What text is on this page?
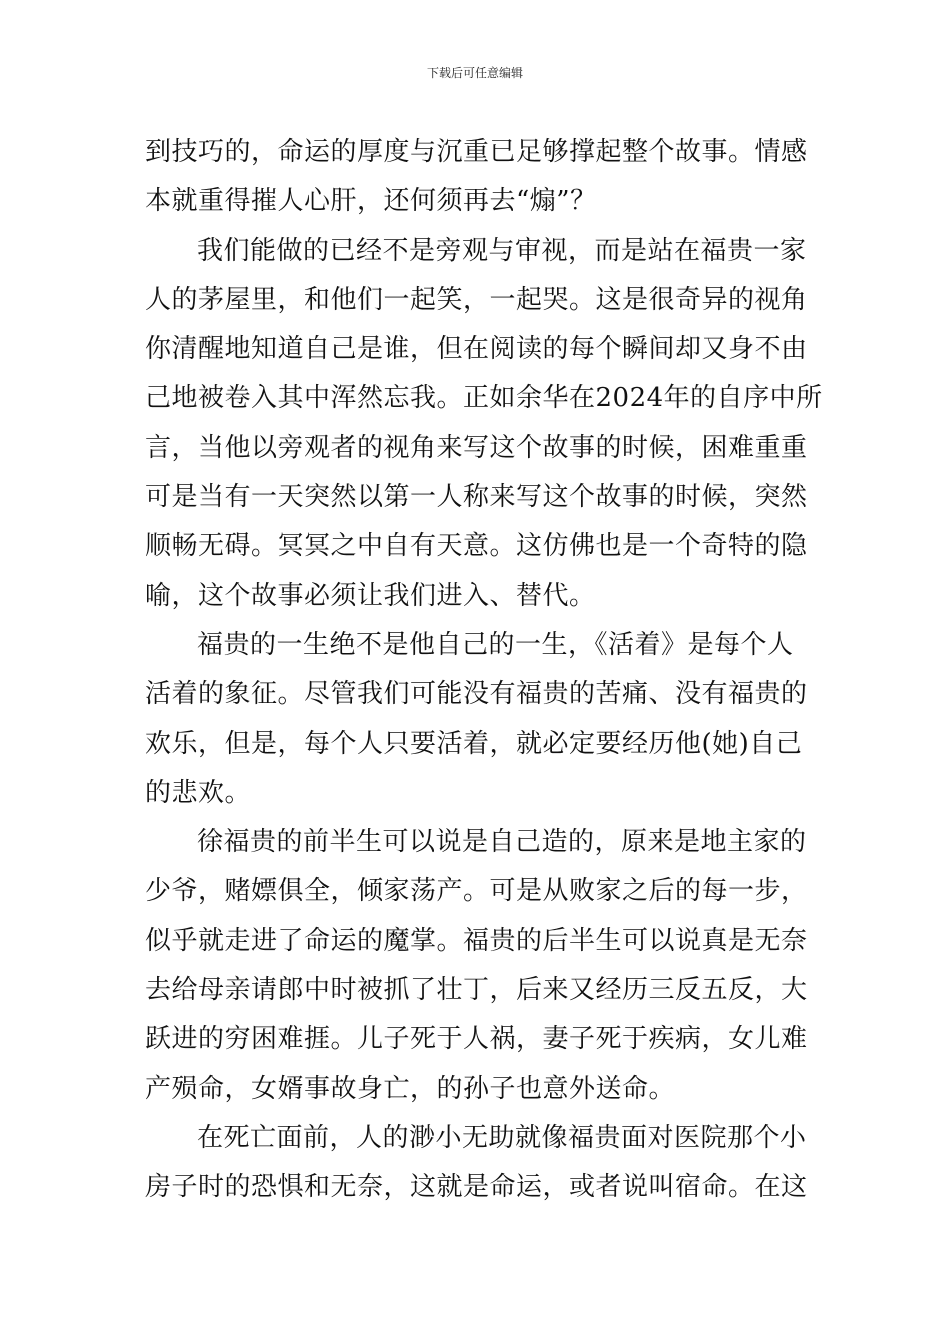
下载后可任意编辑
到技巧的，命运的厚度与沉重已足够撑起整个故事。情感
本就重得摧人心肝，还何须再去“煽”？
我们能做的已经不是旁观与审视，而是站在福贵一家
人的茅屋里，和他们一起笑，一起哭。这是很奇异的视角
你清醒地知道自己是谁，但在阅读的每个瞬间却又身不由
己地被卷入其中浑然忘我。正如余华在2024年的自序中所
言，当他以旁观者的视角来写这个故事的时候，困难重重
可是当有一天突然以第一人称来写这个故事的时候，突然
顺畅无碍。冥冥之中自有天意。这仿佛也是一个奇特的隐
喻，这个故事必须让我们进入、替代。
福贵的一生绝不是他自己的一生，《活着》是每个人
活着的象征。尽管我们可能没有福贵的苦痛、没有福贵的
欢乐，但是，每个人只要活着，就必定要经历他(她)自己
的悲欢。
徐福贵的前半生可以说是自己造的，原来是地主家的
少爷，赌嫖俱全，倾家荡产。可是从败家之后的每一步，
似乎就走进了命运的魔掌。福贵的后半生可以说真是无奈
去给母亲请郎中时被抓了壮丁，后来又经历三反五反，大
跃进的穷困难捱。儿子死于人祸，妻子死于疾病，女儿难
产殒命，女婿事故身亡，的孙子也意外送命。
在死亡面前，人的渺小无助就像福贵面对医院那个小
房子时的恐惧和无奈，这就是命运，或者说叫宿命。在这
